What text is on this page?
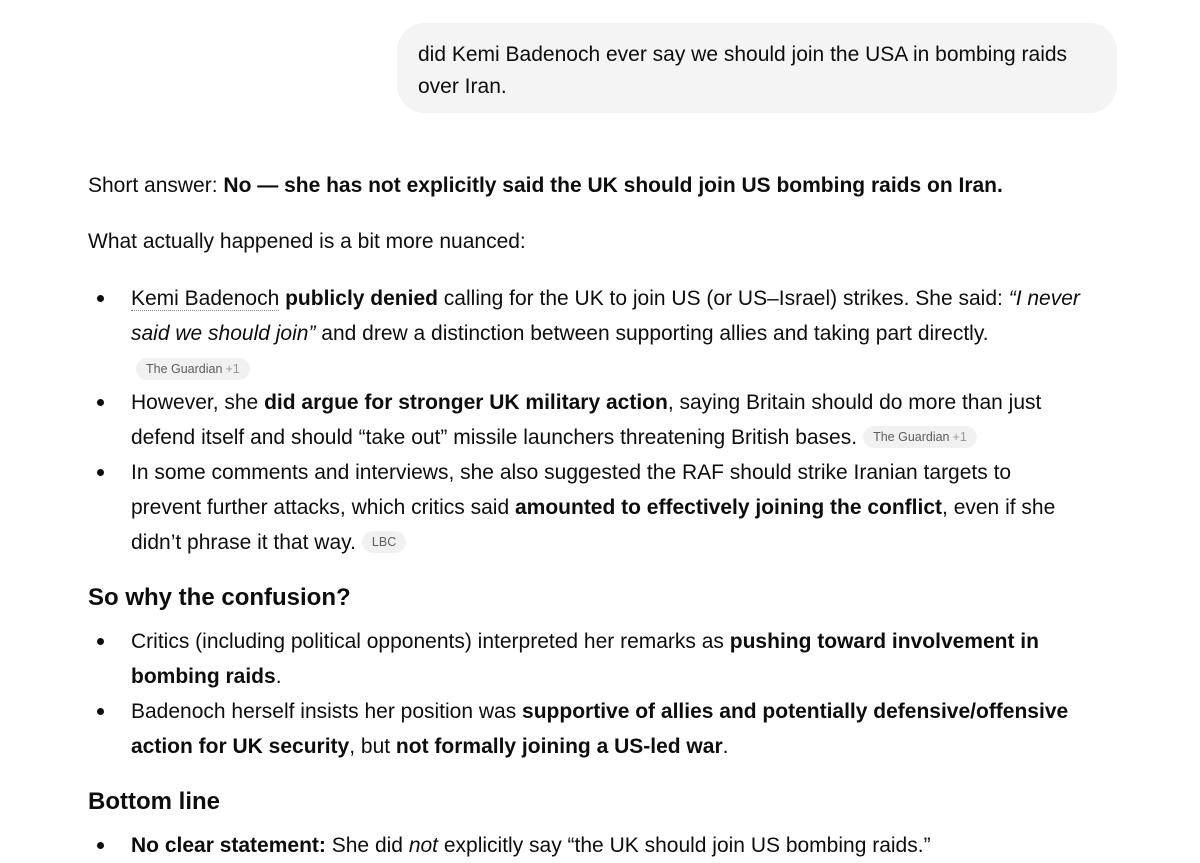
did Kemi Badenoch ever say we should join the USA in bombing raids over Iran.
Short answer: No — she has not explicitly said the UK should join US bombing raids on Iran.
What actually happened is a bit more nuanced:
Kemi Badenoch publicly denied calling for the UK to join US (or US–Israel) strikes. She said: “I never
said we should join” and drew a distinction between supporting allies and taking part directly.
The Guardian +1
However, she did argue for stronger UK military action, saying Britain should do more than just
defend itself and should “take out” missile launchers threatening British bases. The Guardian +1
In some comments and interviews, she also suggested the RAF should strike Iranian targets to
prevent further attacks, which critics said amounted to effectively joining the conflict, even if she
didn’t phrase it that way. LBC
So why the confusion?
Critics (including political opponents) interpreted her remarks as pushing toward involvement in
bombing raids.
Badenoch herself insists her position was supportive of allies and potentially defensive/offensive
action for UK security, but not formally joining a US-led war.
Bottom line
No clear statement: She did not explicitly say “the UK should join US bombing raids.”
